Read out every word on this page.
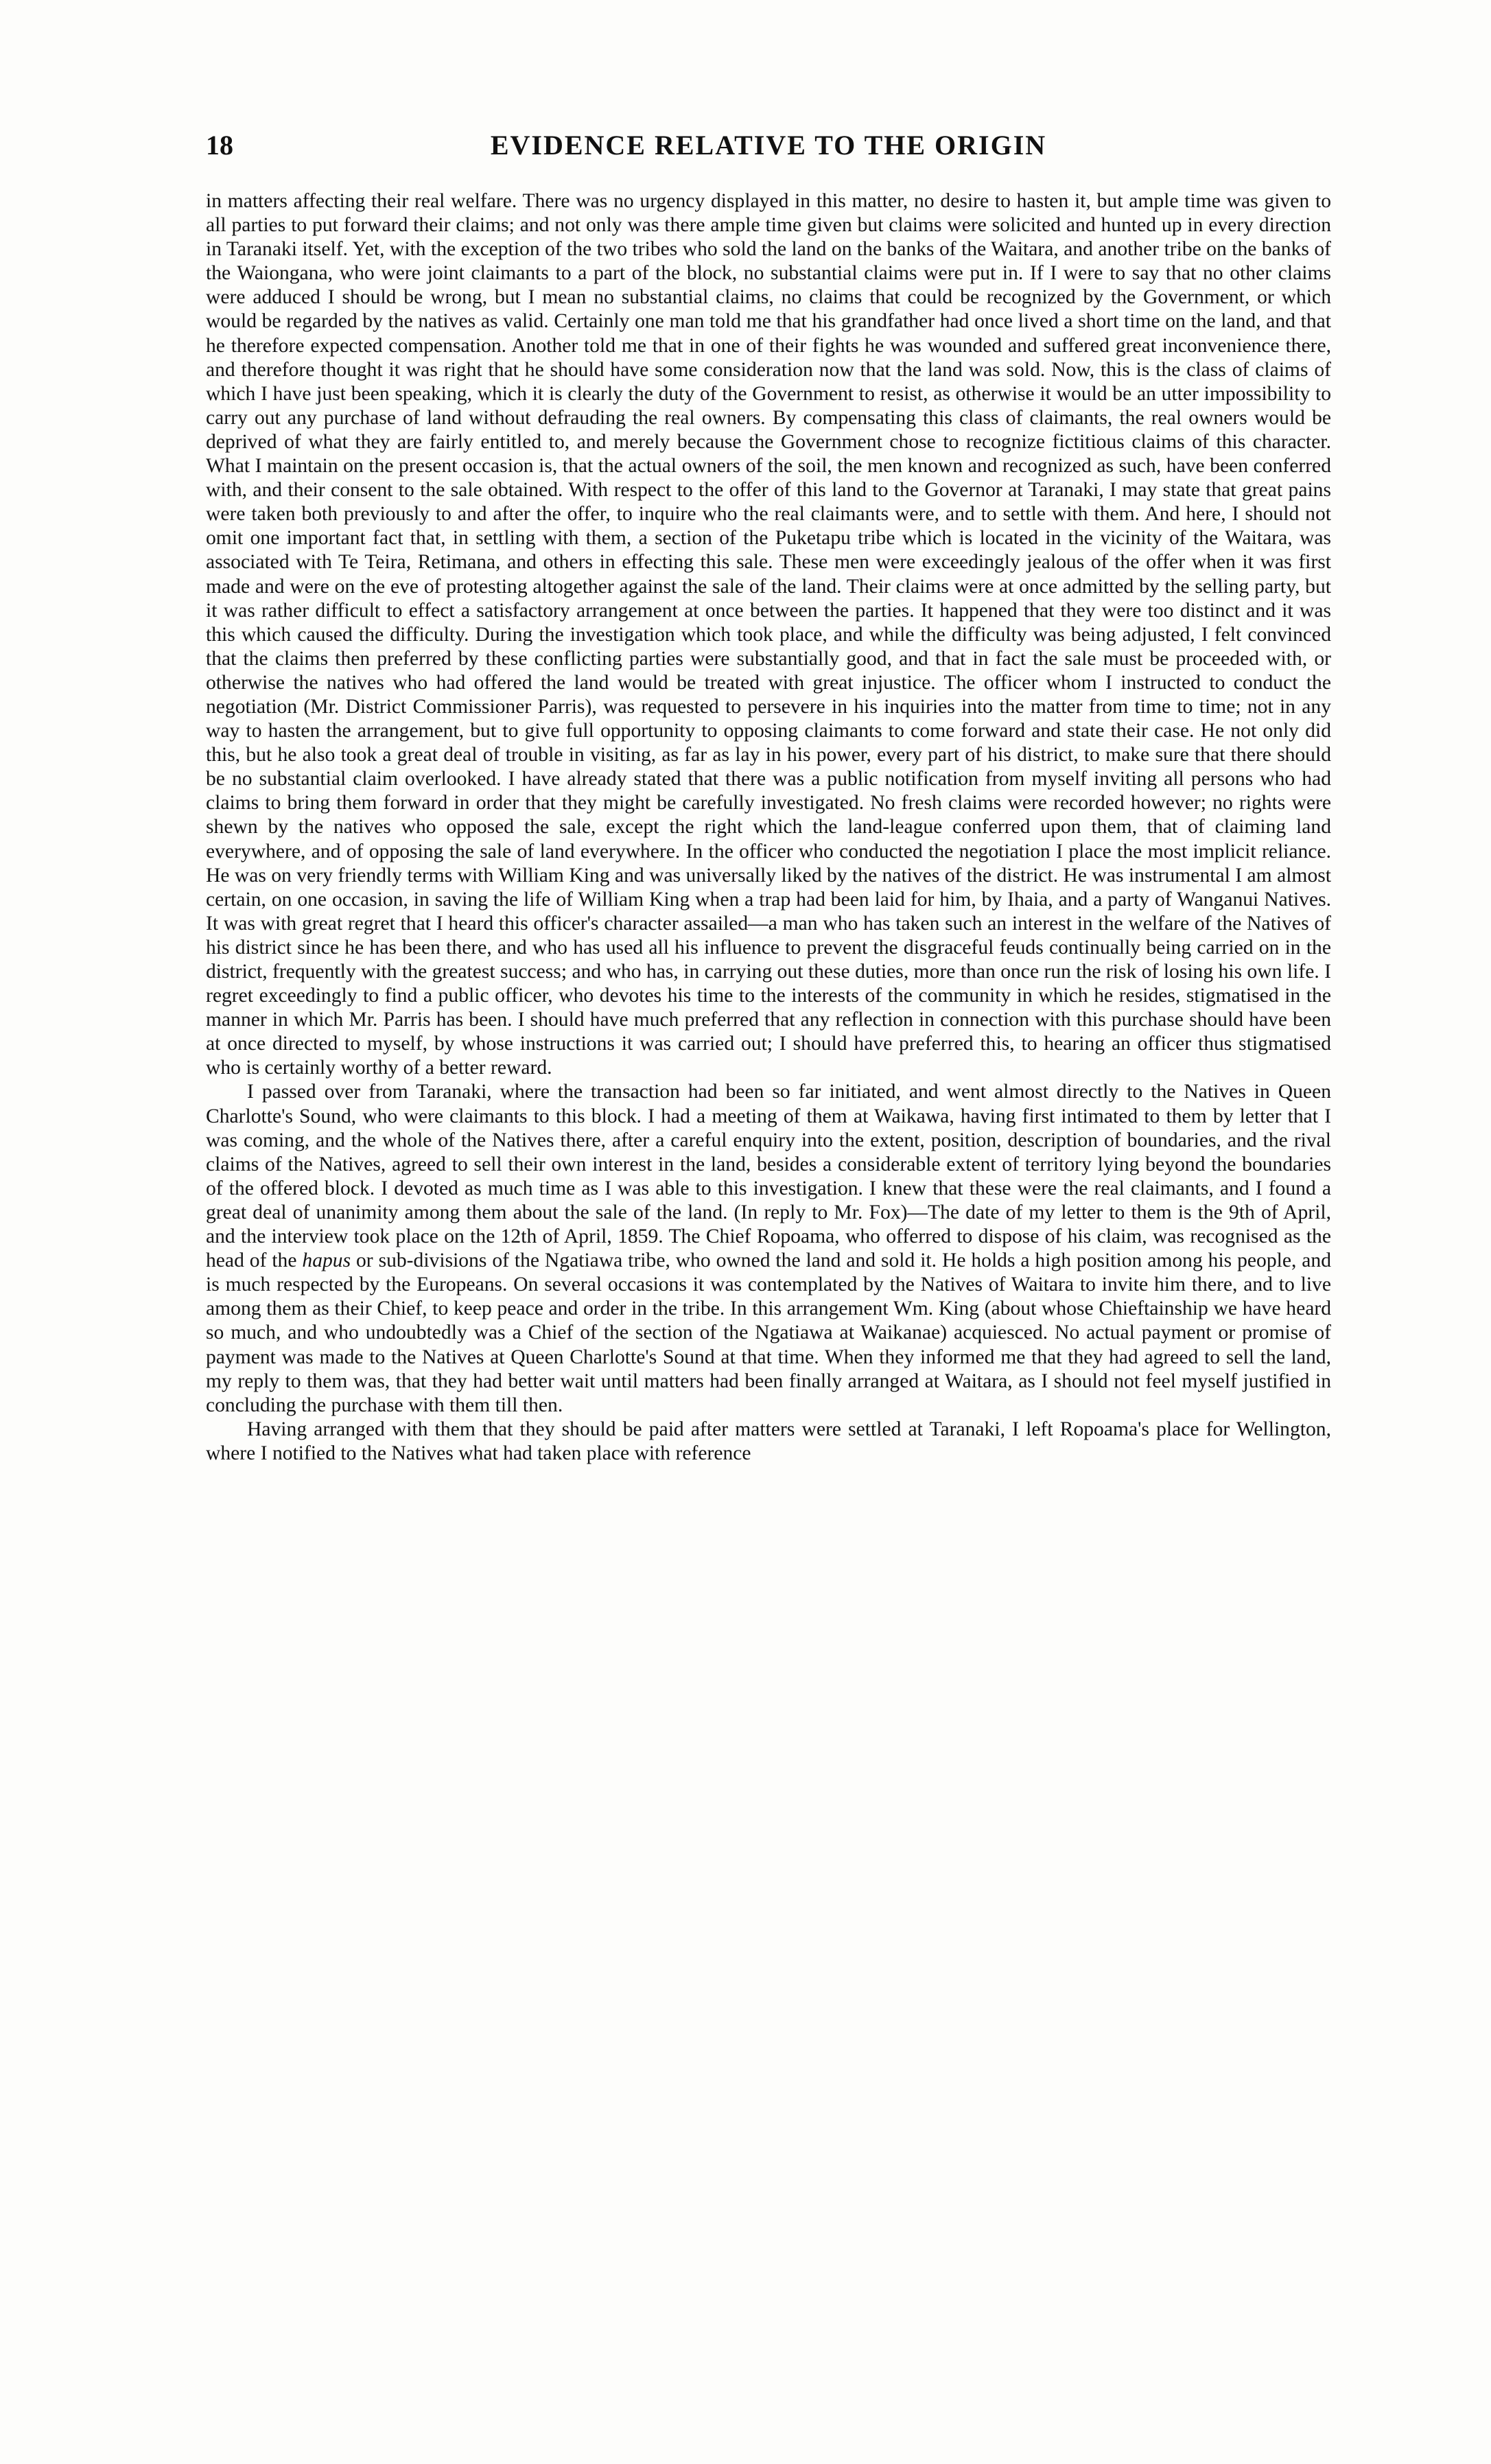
18	EVIDENCE RELATIVE TO THE ORIGIN

in matters affecting their real welfare. There was no urgency displayed in this matter, no desire to hasten it, but ample time was given to all parties to put forward their claims; and not only was there ample time given but claims were solicited and hunted up in every direction in Taranaki itself. Yet, with the exception of the two tribes who sold the land on the banks of the Waitara, and another tribe on the banks of the Waiongana, who were joint claimants to a part of the block, no substantial claims were put in. If I were to say that no other claims were adduced I should be wrong, but I mean no substantial claims, no claims that could be recognized by the Government, or which would be regarded by the natives as valid. Certainly one man told me that his grandfather had once lived a short time on the land, and that he therefore expected compensation. Another told me that in one of their fights he was wounded and suffered great inconvenience there, and therefore thought it was right that he should have some consideration now that the land was sold. Now, this is the class of claims of which I have just been speaking, which it is clearly the duty of the Government to resist, as otherwise it would be an utter impossibility to carry out any purchase of land without defrauding the real owners. By compensating this class of claimants, the real owners would be deprived of what they are fairly entitled to, and merely because the Government chose to recognize fictitious claims of this character. What I maintain on the present occasion is, that the actual owners of the soil, the men known and recognized as such, have been conferred with, and their consent to the sale obtained. With respect to the offer of this land to the Governor at Taranaki, I may state that great pains were taken both previously to and after the offer, to inquire who the real claimants were, and to settle with them. And here, I should not omit one important fact that, in settling with them, a section of the Puketapu tribe which is located in the vicinity of the Waitara, was associated with Te Teira, Retimana, and others in effecting this sale. These men were exceedingly jealous of the offer when it was first made and were on the eve of protesting altogether against the sale of the land. Their claims were at once admitted by the selling party, but it was rather difficult to effect a satisfactory arrangement at once between the parties. It happened that they were too distinct and it was this which caused the difficulty. During the investigation which took place, and while the difficulty was being adjusted, I felt convinced that the claims then preferred by these conflicting parties were substantially good, and that in fact the sale must be proceeded with, or otherwise the natives who had offered the land would be treated with great injustice. The officer whom I instructed to conduct the negotiation (Mr. District Commissioner Parris), was requested to persevere in his inquiries into the matter from time to time; not in any way to hasten the arrangement, but to give full opportunity to opposing claimants to come forward and state their case. He not only did this, but he also took a great deal of trouble in visiting, as far as lay in his power, every part of his district, to make sure that there should be no substantial claim overlooked. I have already stated that there was a public notification from myself inviting all persons who had claims to bring them forward in order that they might be carefully investigated. No fresh claims were recorded however; no rights were shewn by the natives who opposed the sale, except the right which the land-league conferred upon them, that of claiming land everywhere, and of opposing the sale of land everywhere. In the officer who conducted the negotiation I place the most implicit reliance. He was on very friendly terms with William King and was universally liked by the natives of the district. He was instrumental I am almost certain, on one occasion, in saving the life of William King when a trap had been laid for him, by Ihaia, and a party of Wanganui Natives. It was with great regret that I heard this officer's character assailed—a man who has taken such an interest in the welfare of the Natives of his district since he has been there, and who has used all his influence to prevent the disgraceful feuds continually being carried on in the district, frequently with the greatest success; and who has, in carrying out these duties, more than once run the risk of losing his own life. I regret exceedingly to find a public officer, who devotes his time to the interests of the community in which he resides, stigmatised in the manner in which Mr. Parris has been. I should have much preferred that any reflection in connection with this purchase should have been at once directed to myself, by whose instructions it was carried out; I should have preferred this, to hearing an officer thus stigmatised who is certainly worthy of a better reward.

I passed over from Taranaki, where the transaction had been so far initiated, and went almost directly to the Natives in Queen Charlotte's Sound, who were claimants to this block. I had a meeting of them at Waikawa, having first intimated to them by letter that I was coming, and the whole of the Natives there, after a careful enquiry into the extent, position, description of boundaries, and the rival claims of the Natives, agreed to sell their own interest in the land, besides a considerable extent of territory lying beyond the boundaries of the offered block. I devoted as much time as I was able to this investigation. I knew that these were the real claimants, and I found a great deal of unanimity among them about the sale of the land. (In reply to Mr. Fox)—The date of my letter to them is the 9th of April, and the interview took place on the 12th of April, 1859. The Chief Ropoama, who offerred to dispose of his claim, was recognised as the head of the hapus or sub-divisions of the Ngatiawa tribe, who owned the land and sold it. He holds a high position among his people, and is much respected by the Europeans. On several occasions it was contemplated by the Natives of Waitara to invite him there, and to live among them as their Chief, to keep peace and order in the tribe. In this arrangement Wm. King (about whose Chieftainship we have heard so much, and who undoubtedly was a Chief of the section of the Ngatiawa at Waikanae) acquiesced. No actual payment or promise of payment was made to the Natives at Queen Charlotte's Sound at that time. When they informed me that they had agreed to sell the land, my reply to them was, that they had better wait until matters had been finally arranged at Waitara, as I should not feel myself justified in concluding the purchase with them till then.

Having arranged with them that they should be paid after matters were settled at Taranaki, I left Ropoama's place for Wellington, where I notified to the Natives what had taken place with reference
